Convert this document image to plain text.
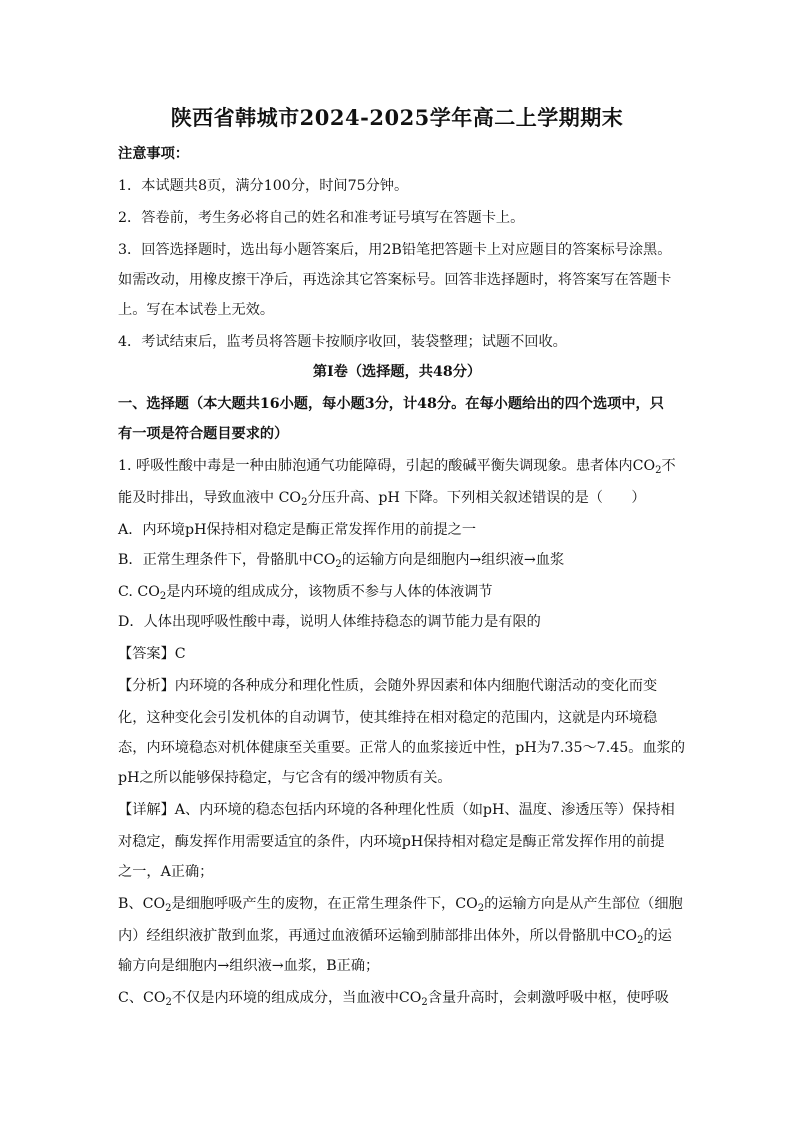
陕西省韩城市2024-2025学年高二上学期期末
注意事项：
1．本试题共8页，满分100分，时间75分钟。
2．答卷前，考生务必将自己的姓名和准考证号填写在答题卡上。
3．回答选择题时，选出每小题答案后，用2B铅笔把答题卡上对应题目的答案标号涂黑。
如需改动，用橡皮擦干净后，再选涂其它答案标号。回答非选择题时，将答案写在答题卡
上。写在本试卷上无效。
4．考试结束后，监考员将答题卡按顺序收回，装袋整理；试题不回收。
第I卷（选择题，共48分）
一、选择题（本大题共16小题，每小题3分，计48分。在每小题给出的四个选项中，只
有一项是符合题目要求的）
1. 呼吸性酸中毒是一种由肺泡通气功能障碍，引起的酸碱平衡失调现象。患者体内$CO_2$不
能及时排出，导致血液中 $CO_2$分压升高、pH 下降。下列相关叙述错误的是（　　）
A．内环境pH保持相对稳定是酶正常发挥作用的前提之一
B．正常生理条件下，骨骼肌中$CO_2$的运输方向是细胞内→组织液→血浆
C. $CO_2$是内环境的组成成分，该物质不参与人体的体液调节
D．人体出现呼吸性酸中毒，说明人体维持稳态的调节能力是有限的
【答案】C
【分析】内环境的各种成分和理化性质，会随外界因素和体内细胞代谢活动的变化而变
化，这种变化会引发机体的自动调节，使其维持在相对稳定的范围内，这就是内环境稳
态，内环境稳态对机体健康至关重要。正常人的血浆接近中性，pH为7.35～7.45。血浆的
pH之所以能够保持稳定，与它含有的缓冲物质有关。
【详解】A、内环境的稳态包括内环境的各种理化性质（如pH、温度、渗透压等）保持相
对稳定，酶发挥作用需要适宜的条件，内环境pH保持相对稳定是酶正常发挥作用的前提
之一，A正确；
B、$CO_2$是细胞呼吸产生的废物，在正常生理条件下，$CO_2$的运输方向是从产生部位（细胞
内）经组织液扩散到血浆，再通过血液循环运输到肺部排出体外，所以骨骼肌中$CO_2$的运
输方向是细胞内→组织液→血浆，B正确；
C、$CO_2$不仅是内环境的组成成分，当血液中$CO_2$含量升高时，会刺激呼吸中枢，使呼吸
